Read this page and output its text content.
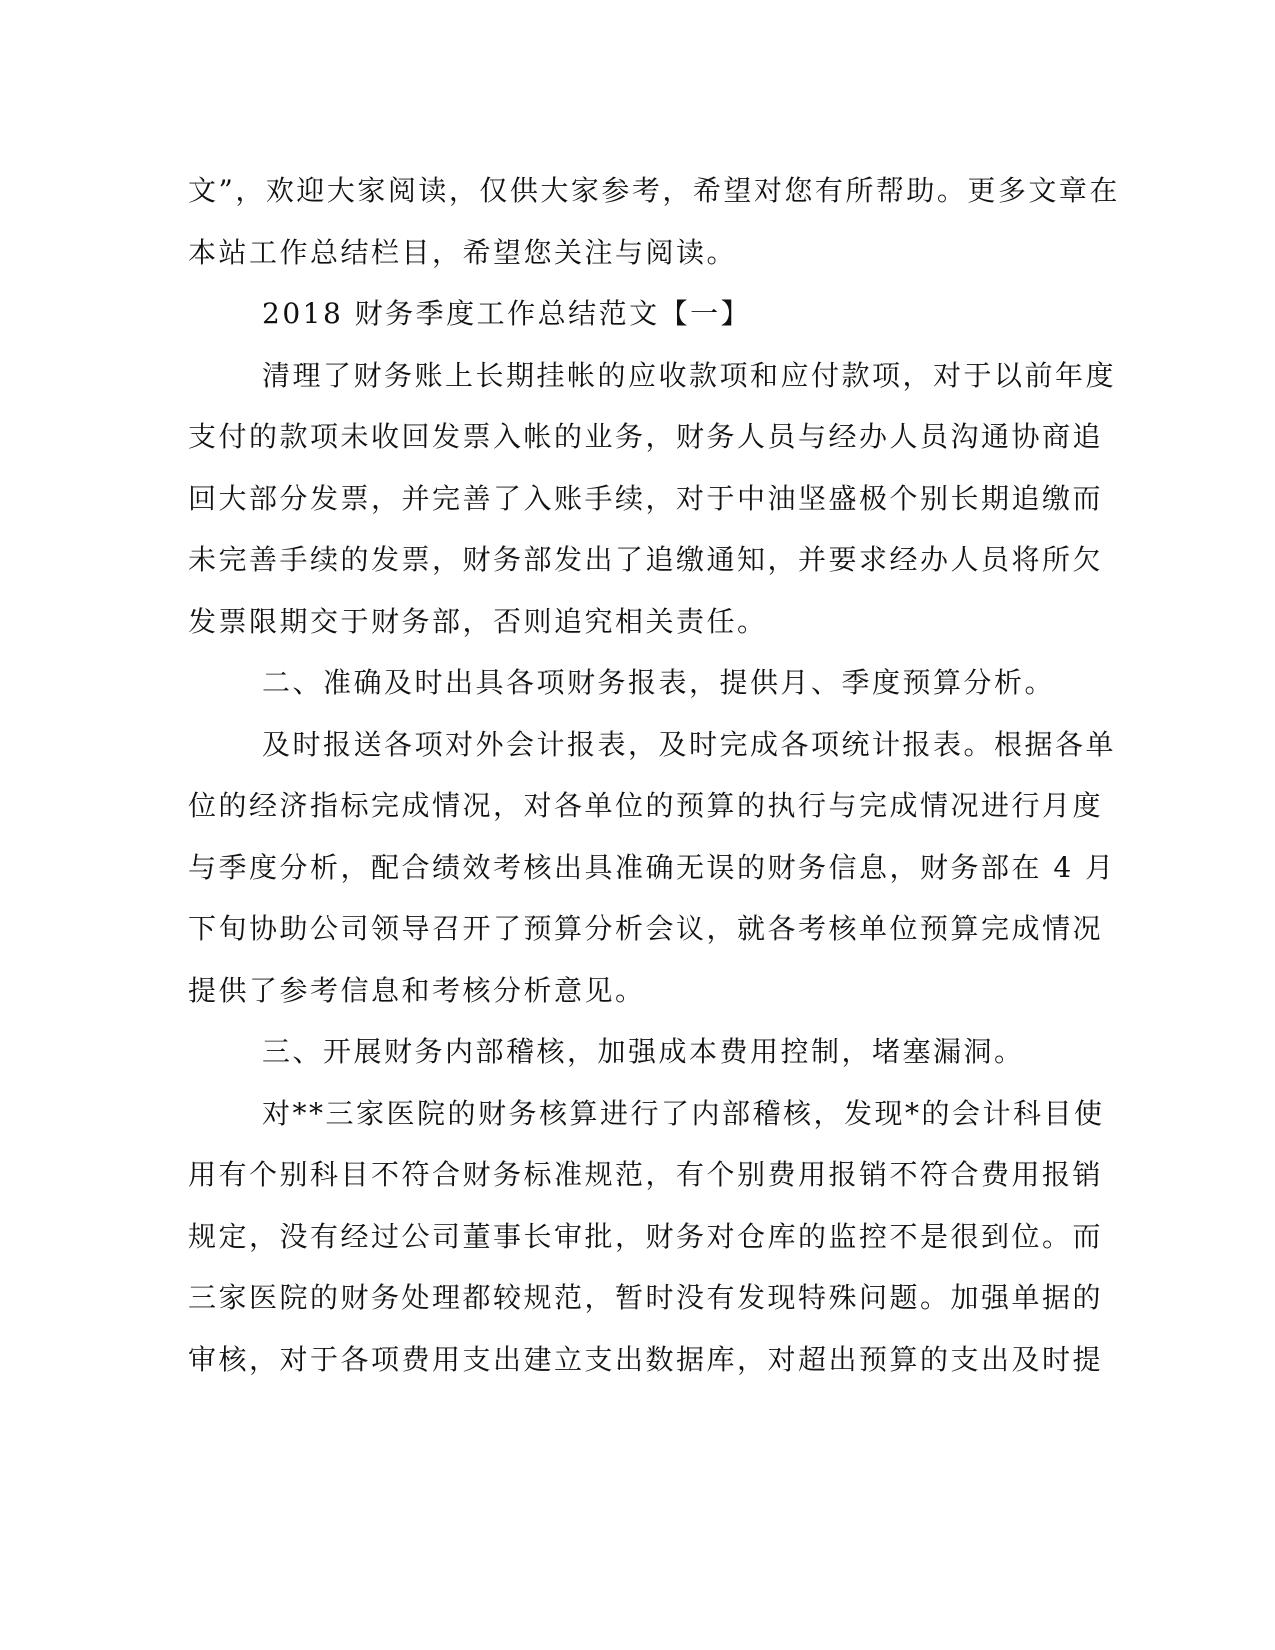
文”，欢迎大家阅读，仅供大家参考，希望对您有所帮助。更多文章在
本站工作总结栏目，希望您关注与阅读。
2018 财务季度工作总结范文【一】
清理了财务账上长期挂帐的应收款项和应付款项，对于以前年度
支付的款项未收回发票入帐的业务，财务人员与经办人员沟通协商追
回大部分发票，并完善了入账手续，对于中油坚盛极个别长期追缴而
未完善手续的发票，财务部发出了追缴通知，并要求经办人员将所欠
发票限期交于财务部，否则追究相关责任。
二、准确及时出具各项财务报表，提供月、季度预算分析。
及时报送各项对外会计报表，及时完成各项统计报表。根据各单
位的经济指标完成情况，对各单位的预算的执行与完成情况进行月度
与季度分析，配合绩效考核出具准确无误的财务信息，财务部在 4 月
下旬协助公司领导召开了预算分析会议，就各考核单位预算完成情况
提供了参考信息和考核分析意见。
三、开展财务内部稽核，加强成本费用控制，堵塞漏洞。
对**三家医院的财务核算进行了内部稽核，发现*的会计科目使
用有个别科目不符合财务标准规范，有个别费用报销不符合费用报销
规定，没有经过公司董事长审批，财务对仓库的监控不是很到位。而
三家医院的财务处理都较规范，暂时没有发现特殊问题。加强单据的
审核，对于各项费用支出建立支出数据库，对超出预算的支出及时提
